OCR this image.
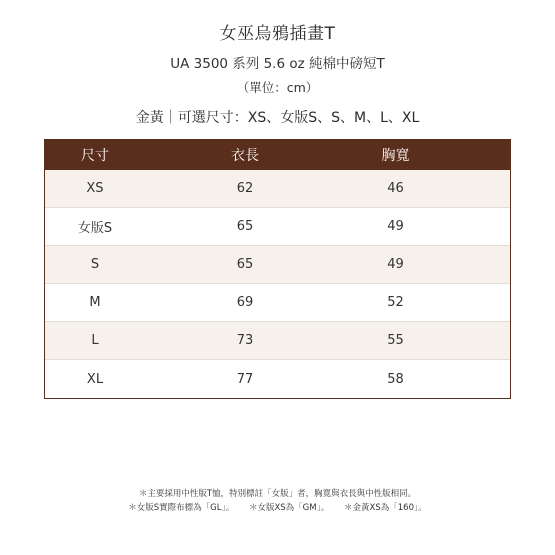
女巫烏鴉插畫T
UA 3500 系列 5.6 oz 純棉中磅短T
（單位：cm）
金黃｜可選尺寸：XS、女版S、S、M、L、XL
尺寸	衣長	胸寬
XS	62	46
女版S	65	49
S	65	49
M	69	52
L	73	55
XL	77	58
＊主要採用中性版T恤，特別標註「女版」者，胸寬與衣長與中性版相同。
＊女版S實際布標為「GL」。 ＊女版XS為「GM」。 ＊金黃XS為「160」。
